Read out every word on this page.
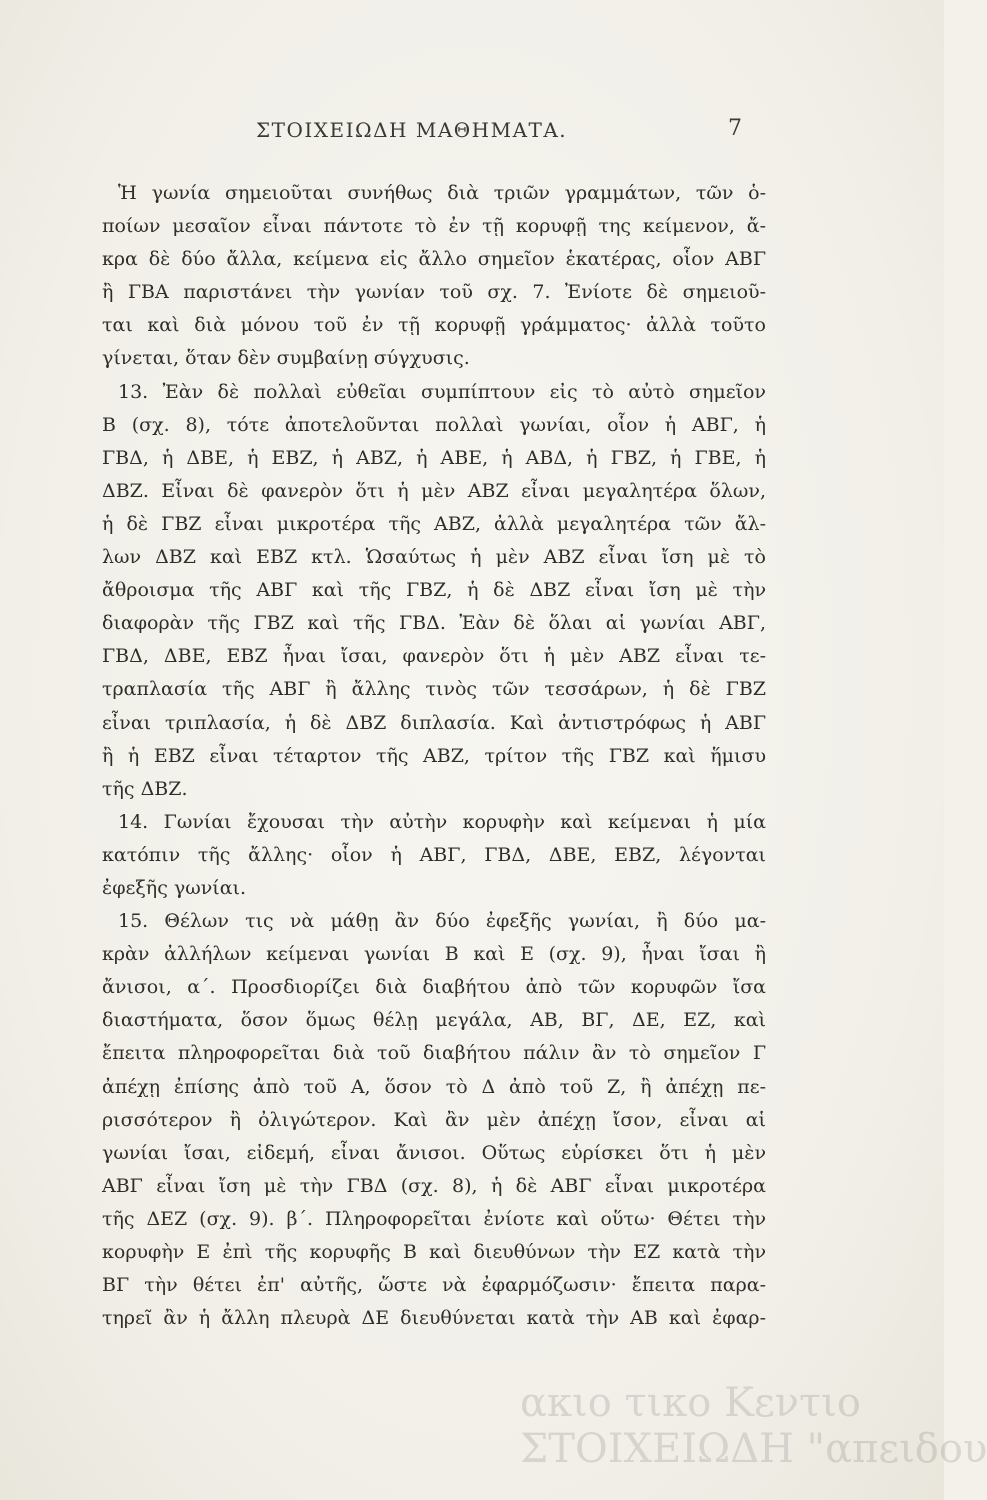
ΣΤΟΙΧΕΙΩΔΗ ΜΑΘΗΜΑΤΑ.	7
Ἡ γωνία σημειοῦται συνήθως διὰ τριῶν γραμμάτων, τῶν ὁ-
ποίων μεσαῖον εἶναι πάντοτε τὸ ἐν τῇ κορυφῇ της κείμενον, ἄ-
κρα δὲ δύο ἄλλα, κείμενα εἰς ἄλλο σημεῖον ἑκατέρας, οἷον ΑΒΓ
ἢ ΓΒΑ παριστάνει τὴν γωνίαν τοῦ σχ. 7. Ἐνίοτε δὲ σημειοῦ-
ται καὶ διὰ μόνου τοῦ ἐν τῇ κορυφῇ γράμματος· ἀλλὰ τοῦτο
γίνεται, ὅταν δὲν συμβαίνῃ σύγχυσις.
13. Ἐὰν δὲ πολλαὶ εὐθεῖαι συμπίπτουν εἰς τὸ αὐτὸ σημεῖον
Β (σχ. 8), τότε ἀποτελοῦνται πολλαὶ γωνίαι, οἷον ἡ ΑΒΓ, ἡ
ΓΒΔ, ἡ ΔΒΕ, ἡ ΕΒΖ, ἡ ΑΒΖ, ἡ ΑΒΕ, ἡ ΑΒΔ, ἡ ΓΒΖ, ἡ ΓΒΕ, ἡ
ΔΒΖ. Εἶναι δὲ φανερὸν ὅτι ἡ μὲν ΑΒΖ εἶναι μεγαλητέρα ὅλων,
ἡ δὲ ΓΒΖ εἶναι μικροτέρα τῆς ΑΒΖ, ἀλλὰ μεγαλητέρα τῶν ἄλ-
λων ΔΒΖ καὶ ΕΒΖ κτλ. Ὡσαύτως ἡ μὲν ΑΒΖ εἶναι ἴση μὲ τὸ
ἄθροισμα τῆς ΑΒΓ καὶ τῆς ΓΒΖ, ἡ δὲ ΔΒΖ εἶναι ἴση μὲ τὴν
διαφορὰν τῆς ΓΒΖ καὶ τῆς ΓΒΔ. Ἐὰν δὲ ὅλαι αἱ γωνίαι ΑΒΓ,
ΓΒΔ, ΔΒΕ, ΕΒΖ ἦναι ἴσαι, φανερὸν ὅτι ἡ μὲν ΑΒΖ εἶναι τε-
τραπλασία τῆς ΑΒΓ ἢ ἄλλης τινὸς τῶν τεσσάρων, ἡ δὲ ΓΒΖ
εἶναι τριπλασία, ἡ δὲ ΔΒΖ διπλασία. Καὶ ἀντιστρόφως ἡ ΑΒΓ
ἢ ἡ ΕΒΖ εἶναι τέταρτον τῆς ΑΒΖ, τρίτον τῆς ΓΒΖ καὶ ἥμισυ
τῆς ΔΒΖ.
14. Γωνίαι ἔχουσαι τὴν αὐτὴν κορυφὴν καὶ κείμεναι ἡ μία
κατόπιν τῆς ἄλλης· οἷον ἡ ΑΒΓ, ΓΒΔ, ΔΒΕ, ΕΒΖ, λέγονται
ἐφεξῆς γωνίαι.
15. Θέλων τις νὰ μάθῃ ἂν δύο ἐφεξῆς γωνίαι, ἢ δύο μα-
κρὰν ἀλλήλων κείμεναι γωνίαι Β καὶ Ε (σχ. 9), ἦναι ἴσαι ἢ
ἄνισοι, α΄. Προσδιορίζει διὰ διαβήτου ἀπὸ τῶν κορυφῶν ἴσα
διαστήματα, ὅσον ὅμως θέλῃ μεγάλα, ΑΒ, ΒΓ, ΔΕ, ΕΖ, καὶ
ἔπειτα πληροφορεῖται διὰ τοῦ διαβήτου πάλιν ἂν τὸ σημεῖον Γ
ἀπέχῃ ἐπίσης ἀπὸ τοῦ Α, ὅσον τὸ Δ ἀπὸ τοῦ Ζ, ἢ ἀπέχῃ πε-
ρισσότερον ἢ ὀλιγώτερον. Καὶ ἂν μὲν ἀπέχῃ ἴσον, εἶναι αἱ
γωνίαι ἴσαι, εἰδεμή, εἶναι ἄνισοι. Οὕτως εὑρίσκει ὅτι ἡ μὲν
ΑΒΓ εἶναι ἴση μὲ τὴν ΓΒΔ (σχ. 8), ἡ δὲ ΑΒΓ εἶναι μικροτέρα
τῆς ΔΕΖ (σχ. 9). β΄. Πληροφορεῖται ἐνίοτε καὶ οὕτω· Θέτει τὴν
κορυφὴν Ε ἐπὶ τῆς κορυφῆς Β καὶ διευθύνων τὴν ΕΖ κατὰ τὴν
ΒΓ τὴν θέτει ἐπ' αὐτῆς, ὥστε νὰ ἐφαρμόζωσιν· ἔπειτα παρα-
τηρεῖ ἂν ἡ ἄλλη πλευρὰ ΔΕ διευθύνεται κατὰ τὴν ΑΒ καὶ ἐφαρ-
ακιο τικο Κεντιο
ΣΤΟΙΧΕΙΩΔΗ "απειδου
